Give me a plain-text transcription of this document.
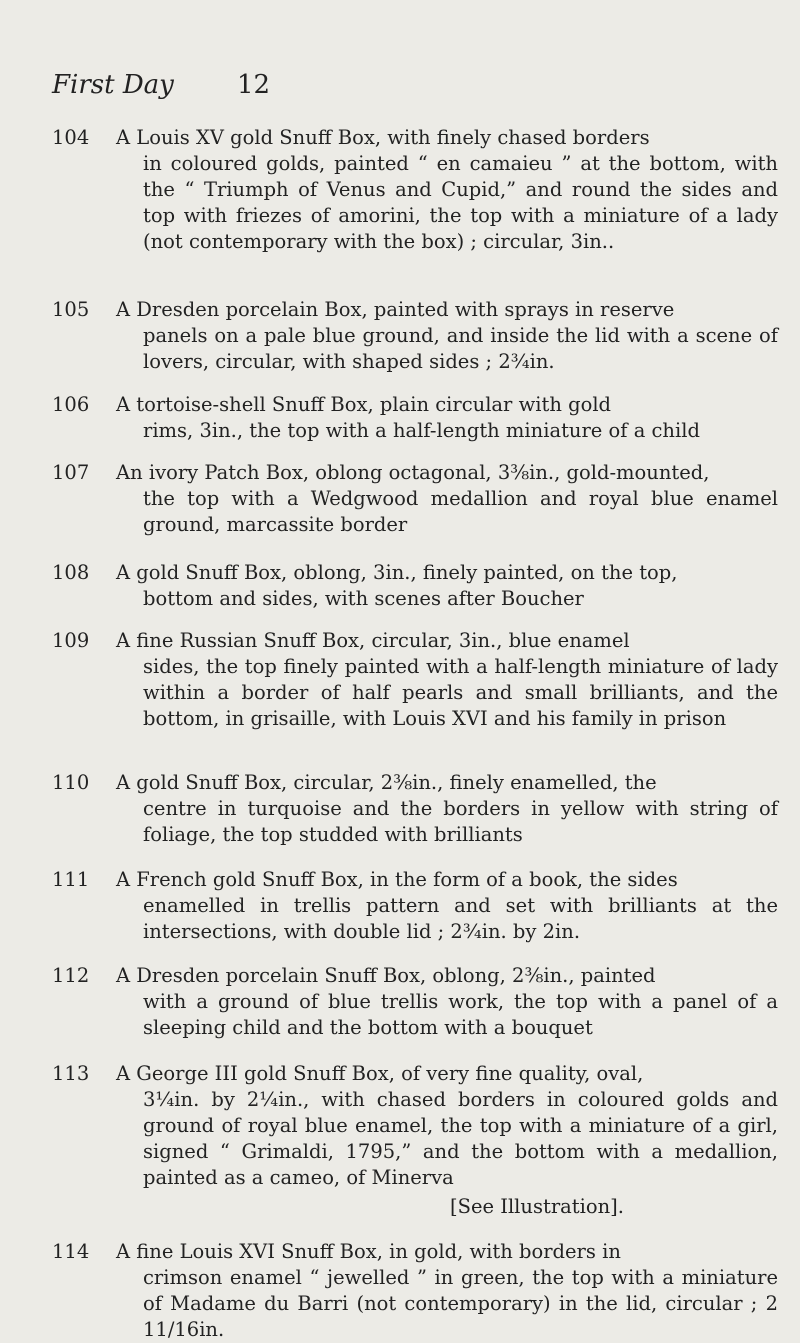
First Day 12
104	A Louis XV gold Snuff Box, with finely chased borders
in coloured golds, painted “ en camaieu ” at the bottom, with the “ Triumph of Venus and Cupid,” and round the sides and top with friezes of amorini, the top with a miniature of a lady (not contemporary with the box) ; circular, 3in..
105	A Dresden porcelain Box, painted with sprays in reserve
panels on a pale blue ground, and inside the lid with a scene of lovers, circular, with shaped sides ; 2¾in.
106	A tortoise-shell Snuff Box, plain circular with gold
rims, 3in., the top with a half-length miniature of a child
107	An ivory Patch Box, oblong octagonal, 3⅜in., gold-mounted,
the top with a Wedgwood medallion and royal blue enamel ground, marcassite border
108	A gold Snuff Box, oblong, 3in., finely painted, on the top,
bottom and sides, with scenes after Boucher
109	A fine Russian Snuff Box, circular, 3in., blue enamel
sides, the top finely painted with a half-length miniature of lady within a border of half pearls and small brilliants, and the bottom, in grisaille, with Louis XVI and his family in prison
110	A gold Snuff Box, circular, 2⅜in., finely enamelled, the
centre in turquoise and the borders in yellow with string of foliage, the top studded with brilliants
111	A French gold Snuff Box, in the form of a book, the sides
enamelled in trellis pattern and set with brilliants at the intersections, with double lid ; 2¾in. by 2in.
112	A Dresden porcelain Snuff Box, oblong, 2⅜in., painted
with a ground of blue trellis work, the top with a panel of a sleeping child and the bottom with a bouquet
113	A George III gold Snuff Box, of very fine quality, oval,
3¼in. by 2¼in., with chased borders in coloured golds and ground of royal blue enamel, the top with a miniature of a girl, signed “ Grimaldi, 1795,” and the bottom with a medallion, painted as a cameo, of Minerva
[See Illustration].
114	A fine Louis XVI Snuff Box, in gold, with borders in
crimson enamel “ jewelled ” in green, the top with a miniature of Madame du Barri (not contemporary) in the lid, circular ; 2 11/16in.
